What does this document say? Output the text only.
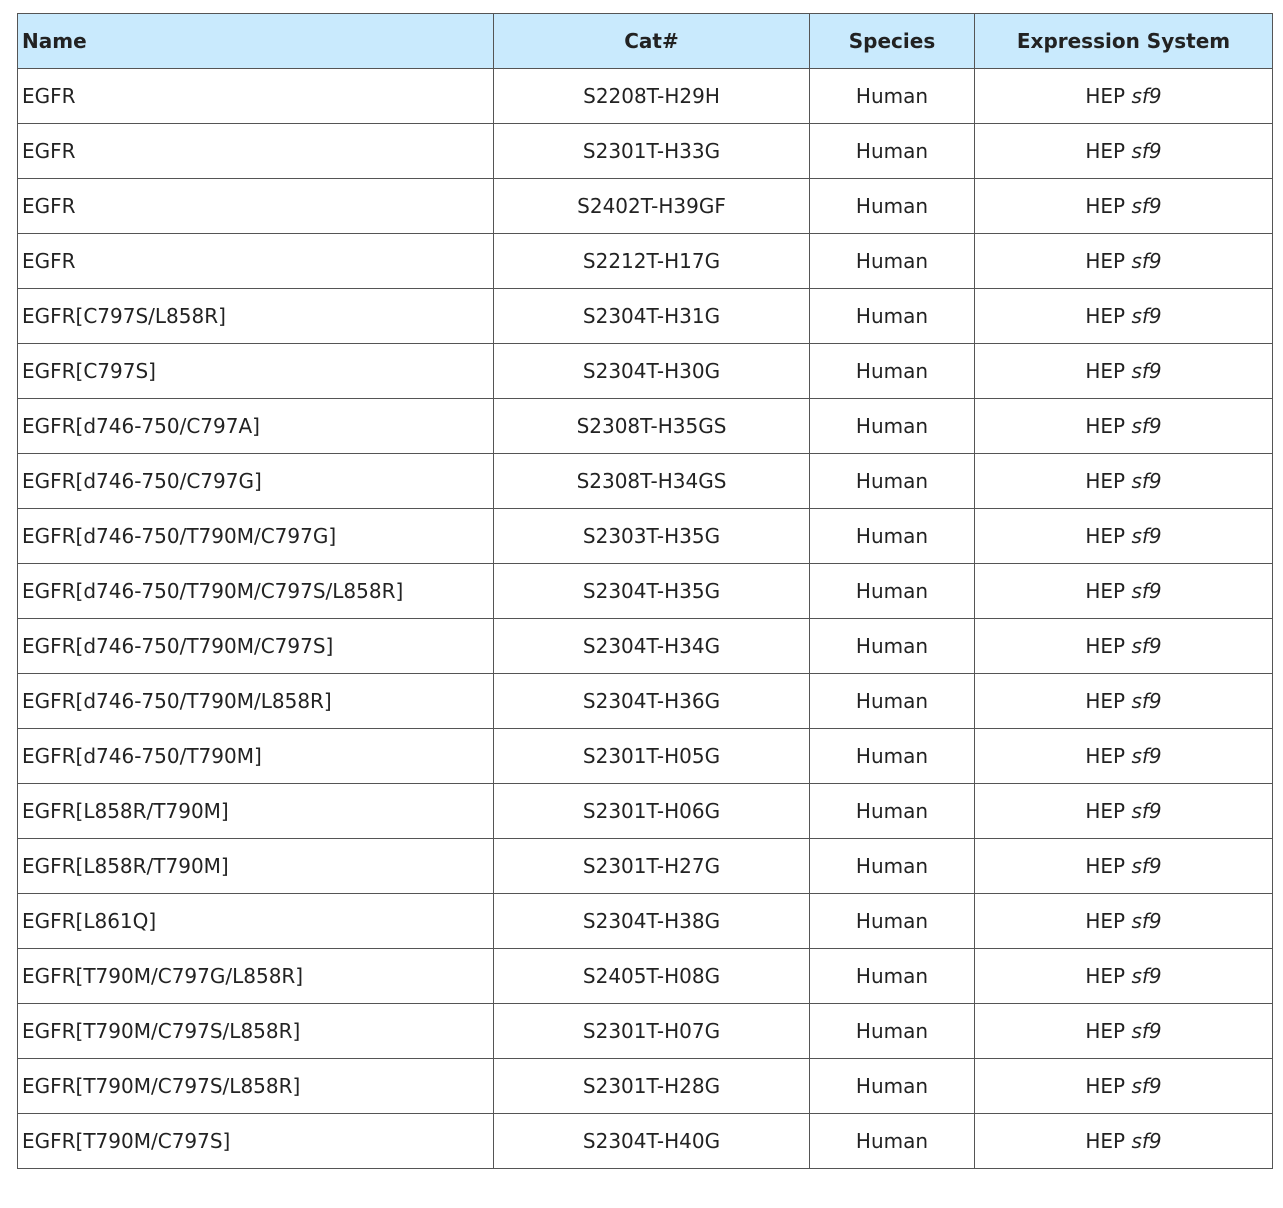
Name	Cat#	Species	Expression System
EGFR	S2208T-H29H	Human	HEP sf9
EGFR	S2301T-H33G	Human	HEP sf9
EGFR	S2402T-H39GF	Human	HEP sf9
EGFR	S2212T-H17G	Human	HEP sf9
EGFR[C797S/L858R]	S2304T-H31G	Human	HEP sf9
EGFR[C797S]	S2304T-H30G	Human	HEP sf9
EGFR[d746-750/C797A]	S2308T-H35GS	Human	HEP sf9
EGFR[d746-750/C797G]	S2308T-H34GS	Human	HEP sf9
EGFR[d746-750/T790M/C797G]	S2303T-H35G	Human	HEP sf9
EGFR[d746-750/T790M/C797S/L858R]	S2304T-H35G	Human	HEP sf9
EGFR[d746-750/T790M/C797S]	S2304T-H34G	Human	HEP sf9
EGFR[d746-750/T790M/L858R]	S2304T-H36G	Human	HEP sf9
EGFR[d746-750/T790M]	S2301T-H05G	Human	HEP sf9
EGFR[L858R/T790M]	S2301T-H06G	Human	HEP sf9
EGFR[L858R/T790M]	S2301T-H27G	Human	HEP sf9
EGFR[L861Q]	S2304T-H38G	Human	HEP sf9
EGFR[T790M/C797G/L858R]	S2405T-H08G	Human	HEP sf9
EGFR[T790M/C797S/L858R]	S2301T-H07G	Human	HEP sf9
EGFR[T790M/C797S/L858R]	S2301T-H28G	Human	HEP sf9
EGFR[T790M/C797S]	S2304T-H40G	Human	HEP sf9
